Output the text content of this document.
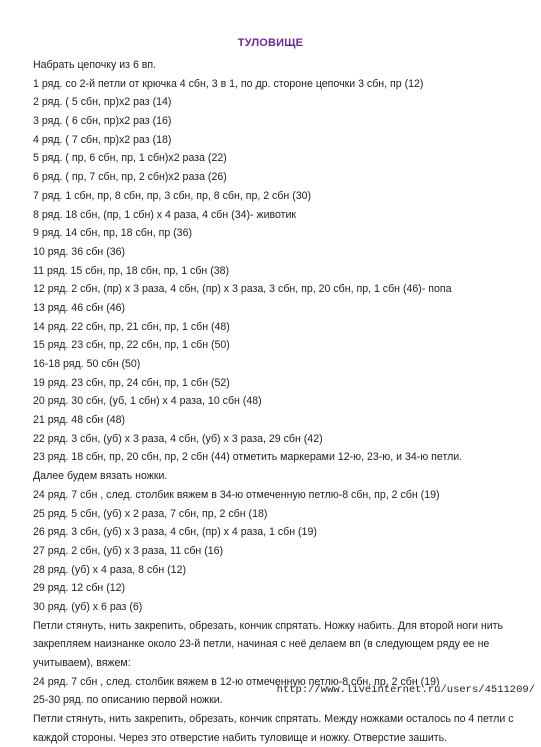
ТУЛОВИЩЕ
Набрать цепочку из 6 вп.
1 ряд. со 2-й петли от крючка 4 сбн, 3 в 1, по др. стороне цепочки 3 сбн, пр (12)
2 ряд. ( 5 сбн, пр)х2 раз (14)
3 ряд. ( 6 сбн, пр)х2 раз (16)
4 ряд. ( 7 сбн, пр)х2 раз (18)
5 ряд. ( пр, 6 сбн, пр, 1 сбн)х2 раза (22)
6 ряд. ( пр, 7 сбн, пр, 2 сбн)х2 раза (26)
7 ряд. 1 сбн, пр, 8 сбн, пр, 3 сбн, пр, 8 сбн, пр, 2 сбн (30)
8 ряд. 18 сбн, (пр, 1 сбн) х 4 раза, 4 сбн (34)- животик
9 ряд. 14 сбн, пр, 18 сбн, пр (36)
10 ряд. 36 сбн (36)
11 ряд. 15 сбн, пр, 18 сбн, пр, 1 сбн (38)
12 ряд. 2 сбн, (пр) х 3 раза, 4 сбн, (пр) х 3 раза, 3 сбн, пр, 20 сбн, пр, 1 сбн (46)- попа
13 ряд. 46 сбн (46)
14 ряд. 22 сбн, пр, 21 сбн, пр, 1 сбн (48)
15 ряд. 23 сбн, пр, 22 сбн, пр, 1 сбн (50)
16-18 ряд. 50 сбн (50)
19 ряд. 23 сбн, пр, 24 сбн, пр, 1 сбн (52)
20 ряд. 30 сбн, (уб, 1 сбн) х 4 раза, 10 сбн (48)
21 ряд. 48 сбн (48)
22 ряд. 3 сбн, (уб) х 3 раза, 4 сбн, (уб) х 3 раза, 29 сбн (42)
23 ряд. 18 сбн, пр, 20 сбн, пр, 2 сбн (44) отметить маркерами 12-ю, 23-ю, и 34-ю петли.
Далее будем вязать ножки.
24 ряд. 7 сбн , след. столбик вяжем в 34-ю отмеченную петлю-8 сбн, пр, 2 сбн (19)
25 ряд. 5 сбн, (уб) х 2 раза, 7 сбн, пр, 2 сбн (18)
26 ряд. 3 сбн, (уб) х 3 раза, 4 сбн, (пр) х 4 раза, 1 сбн (19)
27 ряд. 2 сбн, (уб) х 3 раза, 11 сбн (16)
28 ряд. (уб) х 4 раза, 8 сбн (12)
29 ряд. 12 сбн (12)
30 ряд. (уб) х 6 раз (6)
Петли стянуть, нить закрепить, обрезать, кончик спрятать. Ножку набить. Для второй ноги нить
закрепляем наизнанке около 23-й петли, начиная с неё делаем вп (в следующем ряду ее не
учитываем), вяжем:
24 ряд. 7 сбн , след. столбик вяжем в 12-ю отмеченную петлю-8 сбн, пр, 2 сбн (19)
25-30 ряд. по описанию первой ножки.
Петли стянуть, нить закрепить, обрезать, кончик спрятать. Между ножками осталось по 4 петли с
каждой стороны. Через это отверстие набить туловище и ножку. Отверстие зашить.
http://www.liveinternet.ru/users/4511209/
